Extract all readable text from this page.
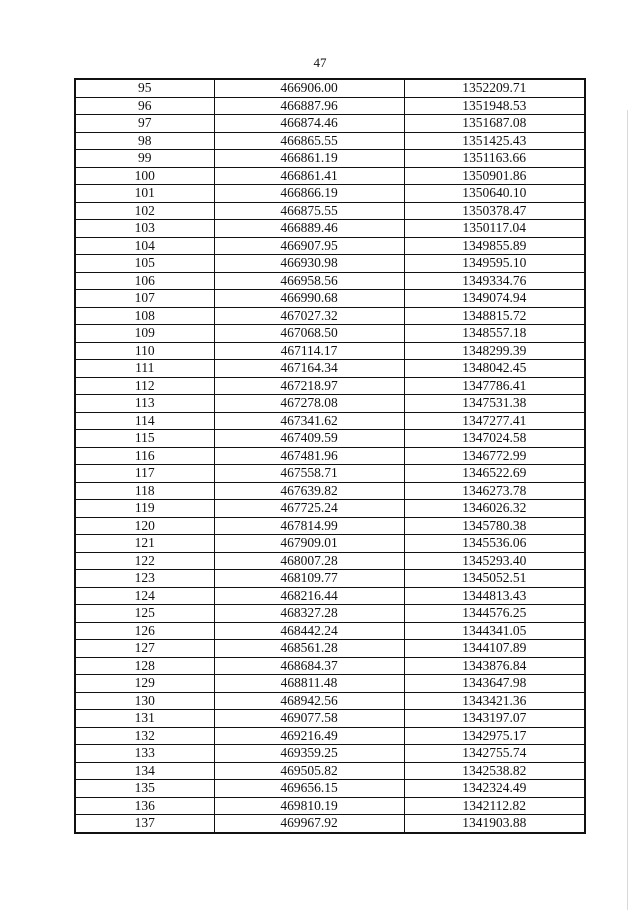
47
95	466906.00	1352209.71
96	466887.96	1351948.53
97	466874.46	1351687.08
98	466865.55	1351425.43
99	466861.19	1351163.66
100	466861.41	1350901.86
101	466866.19	1350640.10
102	466875.55	1350378.47
103	466889.46	1350117.04
104	466907.95	1349855.89
105	466930.98	1349595.10
106	466958.56	1349334.76
107	466990.68	1349074.94
108	467027.32	1348815.72
109	467068.50	1348557.18
110	467114.17	1348299.39
111	467164.34	1348042.45
112	467218.97	1347786.41
113	467278.08	1347531.38
114	467341.62	1347277.41
115	467409.59	1347024.58
116	467481.96	1346772.99
117	467558.71	1346522.69
118	467639.82	1346273.78
119	467725.24	1346026.32
120	467814.99	1345780.38
121	467909.01	1345536.06
122	468007.28	1345293.40
123	468109.77	1345052.51
124	468216.44	1344813.43
125	468327.28	1344576.25
126	468442.24	1344341.05
127	468561.28	1344107.89
128	468684.37	1343876.84
129	468811.48	1343647.98
130	468942.56	1343421.36
131	469077.58	1343197.07
132	469216.49	1342975.17
133	469359.25	1342755.74
134	469505.82	1342538.82
135	469656.15	1342324.49
136	469810.19	1342112.82
137	469967.92	1341903.88
